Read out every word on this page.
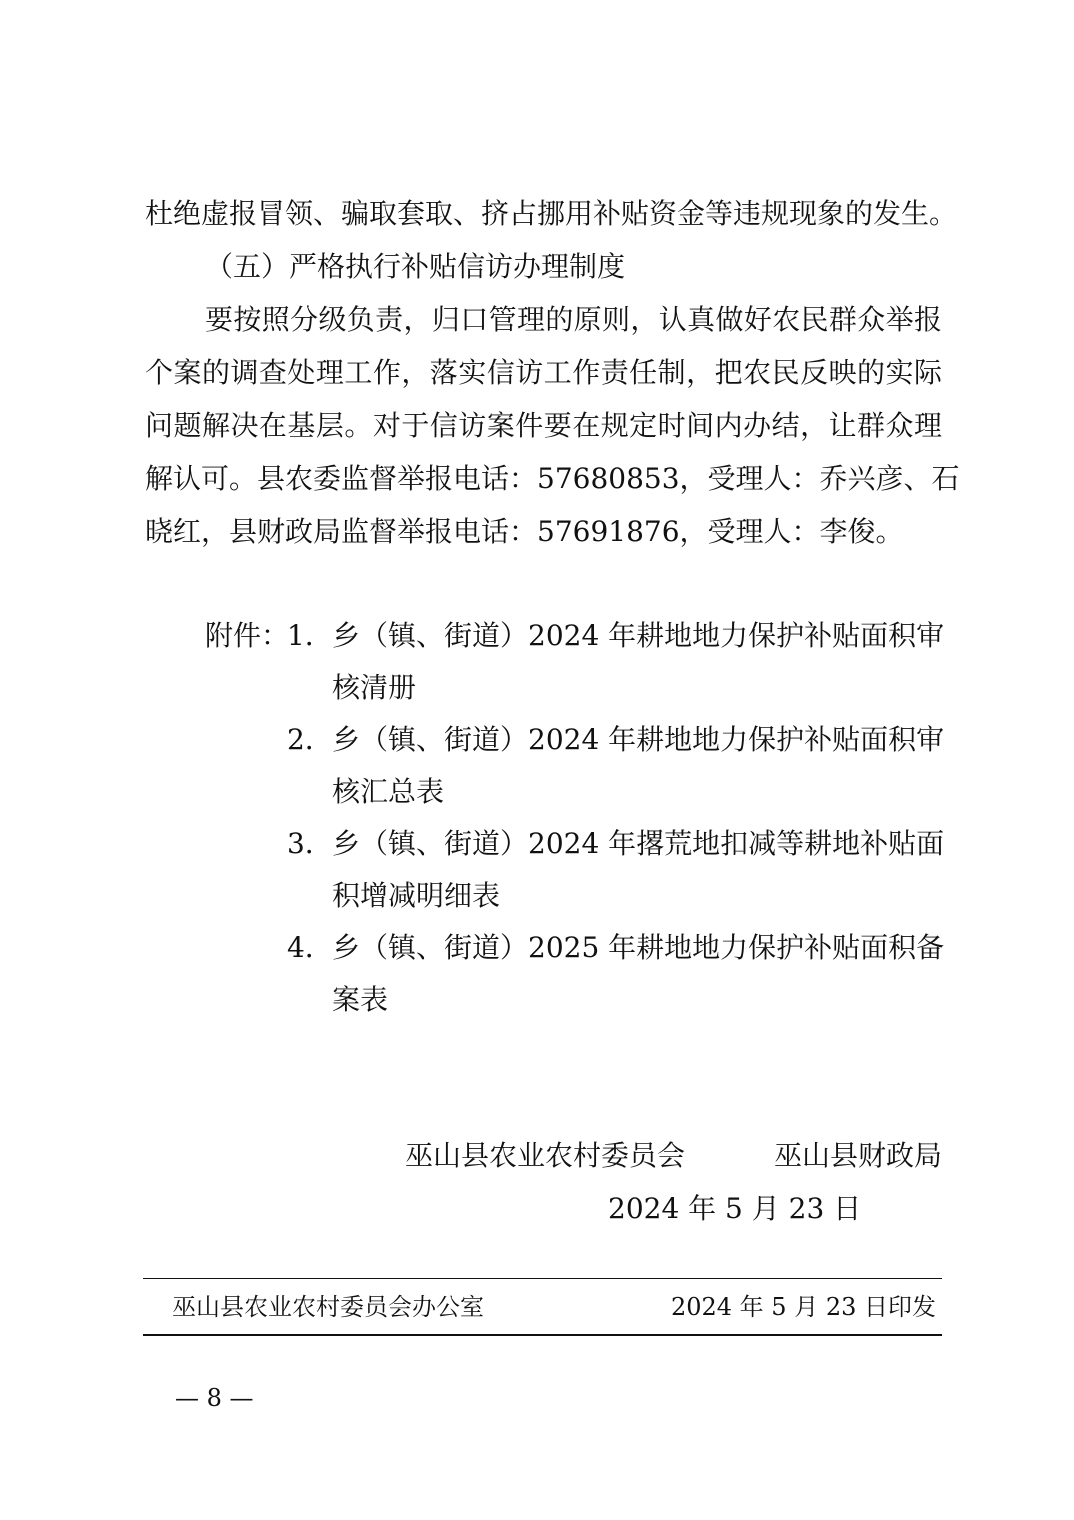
杜绝虚报冒领、骗取套取、挤占挪用补贴资金等违规现象的发生。
（五）严格执行补贴信访办理制度
要按照分级负责，归口管理的原则，认真做好农民群众举报
个案的调查处理工作，落实信访工作责任制，把农民反映的实际
问题解决在基层。对于信访案件要在规定时间内办结，让群众理
解认可。县农委监督举报电话：57680853，受理人：乔兴彦、石
晓红，县财政局监督举报电话：57691876，受理人：李俊。
附件：
1． 乡（镇、街道）2024 年耕地地力保护补贴面积审
核清册
2． 乡（镇、街道）2024 年耕地地力保护补贴面积审
核汇总表
3． 乡（镇、街道）2024 年撂荒地扣减等耕地补贴面
积增减明细表
4． 乡（镇、街道）2025 年耕地地力保护补贴面积备
案表
巫山县农业农村委员会	巫山县财政局
2024 年 5 月 23 日
巫山县农业农村委员会办公室	2024 年 5 月 23 日印发
— 8 —
